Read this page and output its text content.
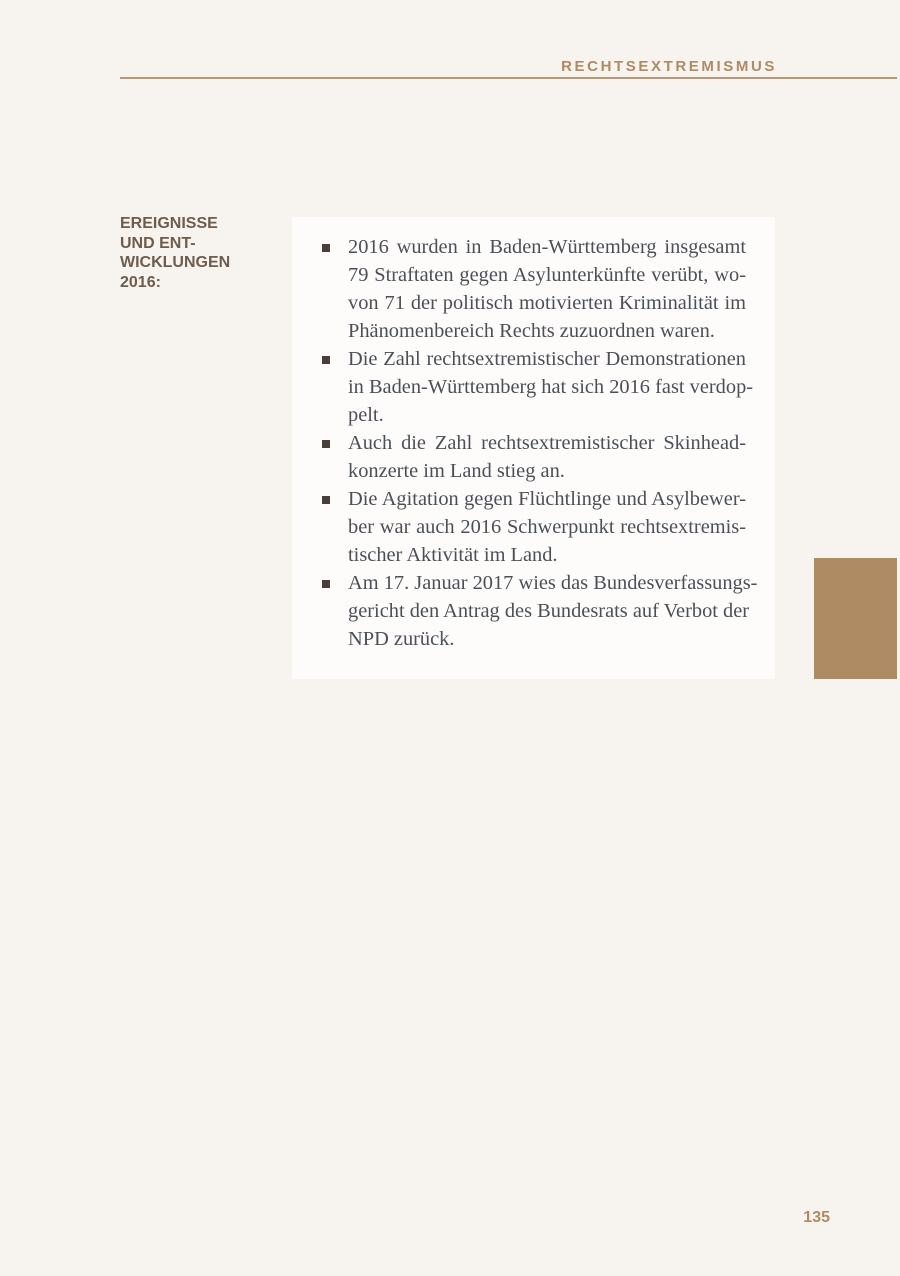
RECHTSEXTREMISMUS
EREIGNISSE
UND ENT-
WICKLUNGEN
2016:
2016 wurden in Baden-Württemberg insgesamt
79 Straftaten gegen Asylunterkünfte verübt, wo-
von 71 der politisch motivierten Kriminalität im
Phänomenbereich Rechts zuzuordnen waren.
Die Zahl rechtsextremistischer Demonstrationen
in Baden-Württemberg hat sich 2016 fast verdop-
pelt.
Auch die Zahl rechtsextremistischer Skinhead-
konzerte im Land stieg an.
Die Agitation gegen Flüchtlinge und Asylbewer-
ber war auch 2016 Schwerpunkt rechtsextremis-
tischer Aktivität im Land.
Am 17. Januar 2017 wies das Bundesverfassungs-
gericht den Antrag des Bundesrats auf Verbot der
NPD zurück.
135
